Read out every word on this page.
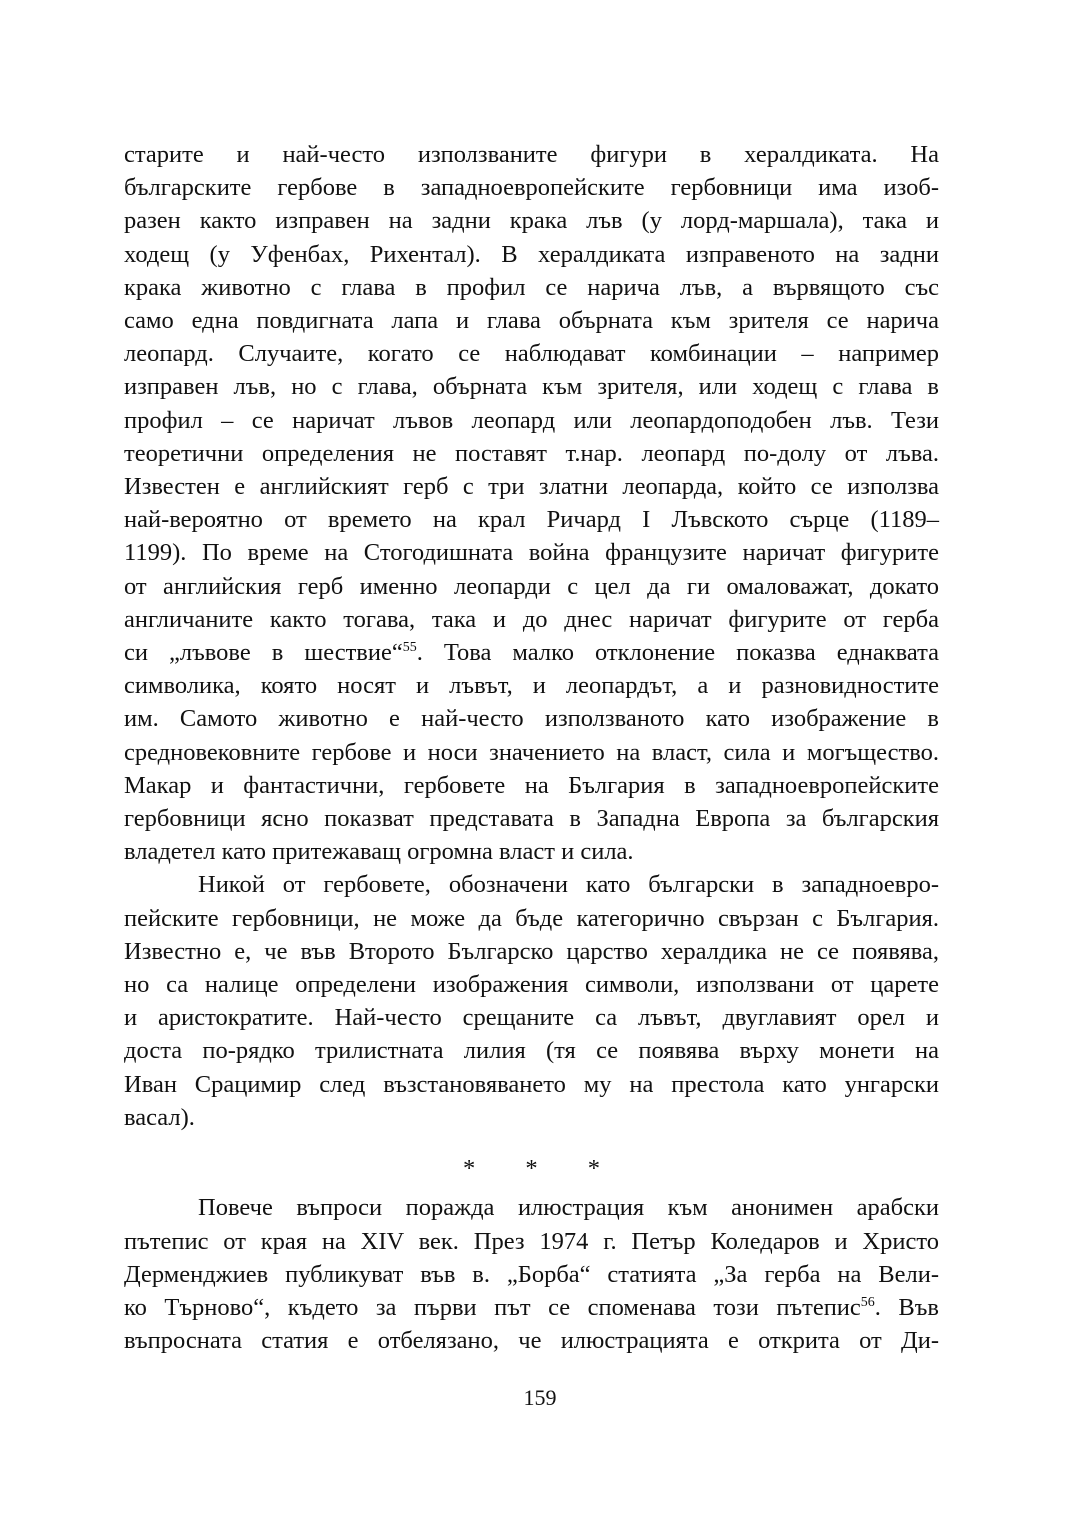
старите и най-често използваните фигури в хералдиката. На
българските гербове в западноевропейските гербовници има изоб-
разен както изправен на задни крака лъв (у лорд-маршала), така и
ходещ (у Уфенбах, Рихентал). В хералдиката изправеното на задни
крака животно с глава в профил се нарича лъв, а вървящото със
само една повдигната лапа и глава обърната към зрителя се нарича
леопард. Случаите, когато се наблюдават комбинации – например
изправен лъв, но с глава, обърната към зрителя, или ходещ с глава в
профил – се наричат лъвов леопард или леопардоподобен лъв. Тези
теоретични определения не поставят т.нар. леопард по-долу от лъва.
Известен е английският герб с три златни леопарда, който се използва
най-вероятно от времето на крал Ричард I Лъвското сърце (1189–
1199). По време на Стогодишната война французите наричат фигурите
от английския герб именно леопарди с цел да ги омаловажат, докато
англичаните както тогава, така и до днес наричат фигурите от герба
си „лъвове в шествие“$^{55}$. Това малко отклонение показва еднаквата
символика, която носят и лъвът, и леопардът, а и разновидностите
им. Самото животно е най-често използваното като изображение в
средновековните гербове и носи значението на власт, сила и могъщество.
Макар и фантастични, гербовете на България в западноевропейските
гербовници ясно показват представата в Западна Европа за българския
владетел като притежаващ огромна власт и сила.

Никой от гербовете, обозначени като български в западноевро-
пейските гербовници, не може да бъде категорично свързан с България.
Известно е, че във Второто Българско царство хералдика не се появява,
но са налице определени изображения символи, използвани от царете
и аристократите. Най-често срещаните са лъвът, двуглавият орел и
доста по-рядко трилистната лилия (тя се появява върху монети на
Иван Срацимир след възстановяването му на престола като унгарски
васал).

* * *

Повече въпроси поражда илюстрация към анонимен арабски
пътепис от края на XIV век. През 1974 г. Петър Коледаров и Христо
Дерменджиев публикуват във в. „Борба“ статията „За герба на Вели-
ко Търново“, където за първи път се споменава този пътепис$^{56}$. Във
въпросната статия е отбелязано, че илюстрацията е открита от Ди-

159
